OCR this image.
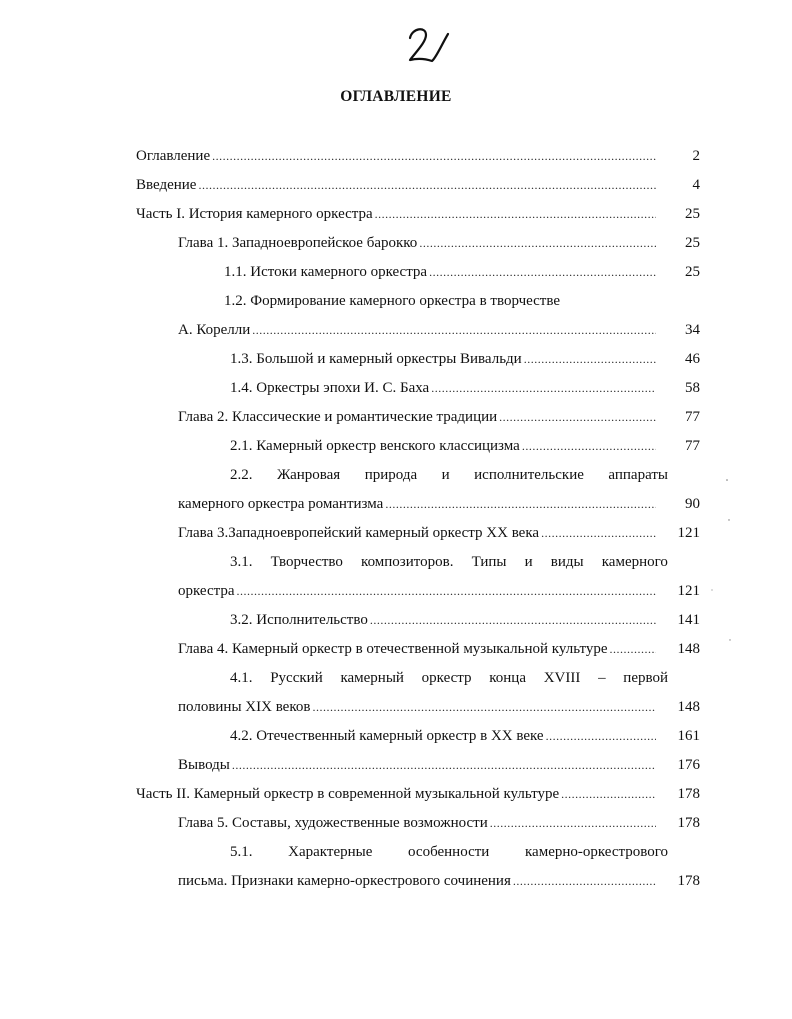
ОГЛАВЛЕНИЕ
Оглавление .....	2
Введение .....	4
Часть I. История камерного оркестра .....	25
Глава 1. Западноевропейское барокко .....	25
1.1. Истоки камерного оркестра .....	25
1.2. Формирование камерного оркестра в творчестве
А. Корелли .....	34
1.3. Большой и камерный оркестры Вивальди .....	46
1.4. Оркестры эпохи И. С. Баха .....	58
Глава 2. Классические и романтические традиции .....	77
2.1. Камерный оркестр венского классицизма .....	77
2.2. Жанровая природа и исполнительские аппараты
камерного оркестра романтизма .....	90
Глава 3.Западноевропейский камерный оркестр XX века .....	121
3.1. Творчество композиторов. Типы и виды камерного
оркестра .....	121
3.2. Исполнительство .....	141
Глава 4. Камерный оркестр в отечественной музыкальной культуре .....	148
4.1. Русский камерный оркестр конца XVIII – первой
половины XIX веков .....	148
4.2. Отечественный камерный оркестр в XX веке .....	161
Выводы .....	176
Часть II. Камерный оркестр в современной музыкальной культуре .....	178
Глава 5. Составы, художественные возможности .....	178
5.1. Характерные особенности камерно-оркестрового
письма. Признаки камерно-оркестрового сочинения .....	178
